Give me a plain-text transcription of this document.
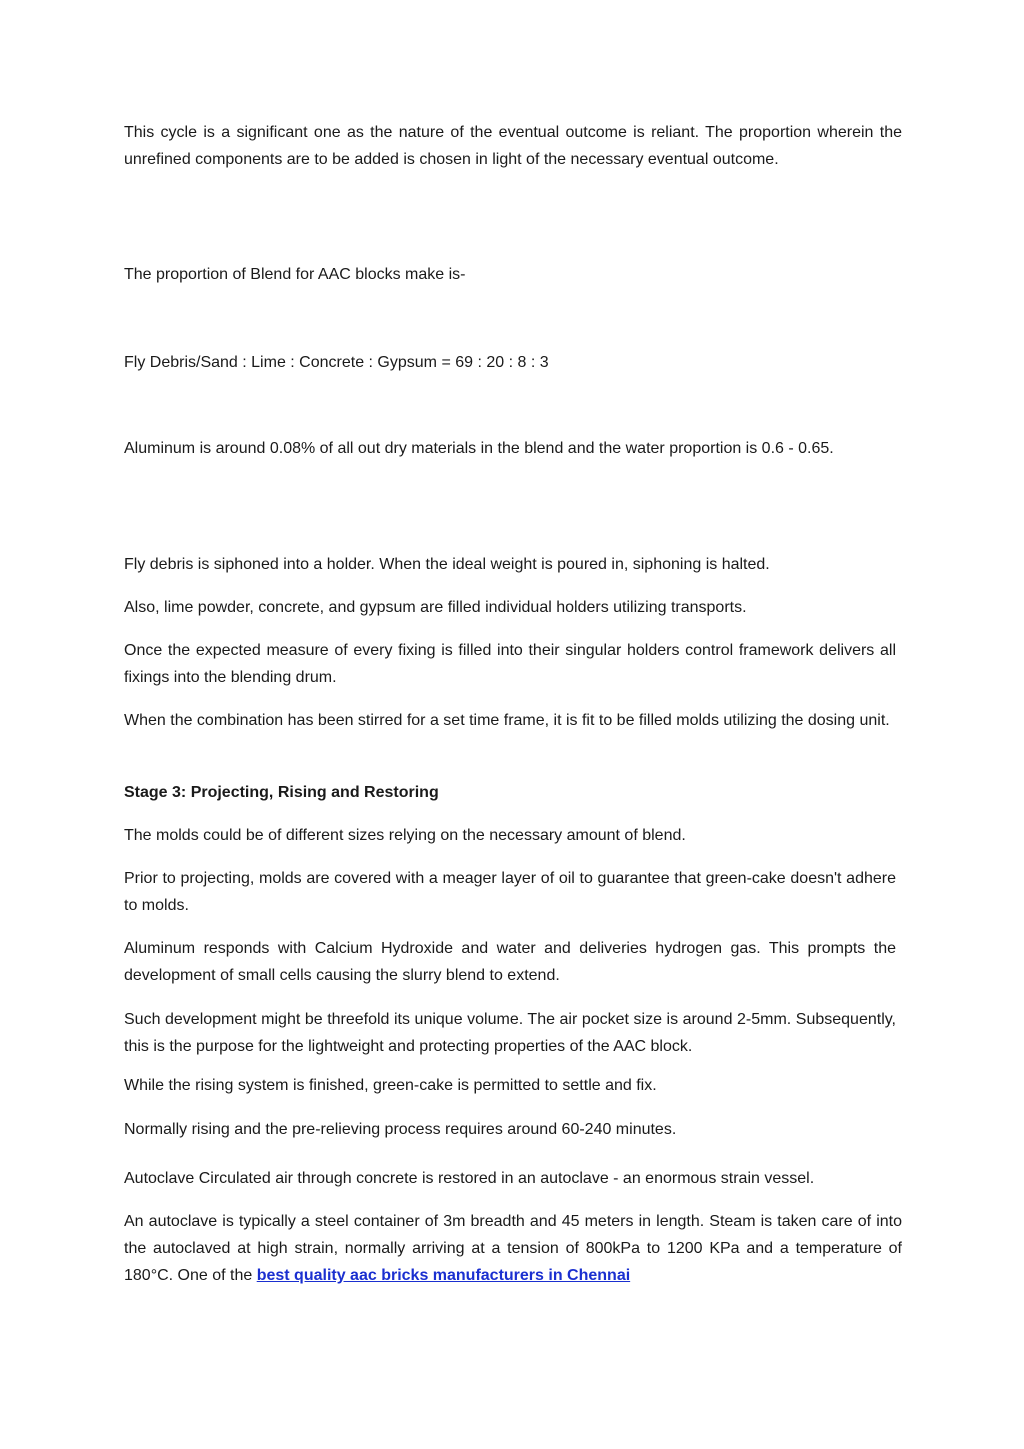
This cycle is a significant one as the nature of the eventual outcome is reliant. The proportion wherein the unrefined components are to be added is chosen in light of the necessary eventual outcome.

The proportion of Blend for AAC blocks make is-

Fly Debris/Sand : Lime : Concrete : Gypsum = 69 : 20 : 8 : 3

Aluminum is around 0.08% of all out dry materials in the blend and the water proportion is 0.6 - 0.65.

Fly debris is siphoned into a holder. When the ideal weight is poured in, siphoning is halted.

Also, lime powder, concrete, and gypsum are filled individual holders utilizing transports.

Once the expected measure of every fixing is filled into their singular holders control framework delivers all fixings into the blending drum.

When the combination has been stirred for a set time frame, it is fit to be filled molds utilizing the dosing unit.

Stage 3: Projecting, Rising and Restoring

The molds could be of different sizes relying on the necessary amount of blend.

Prior to projecting, molds are covered with a meager layer of oil to guarantee that green-cake doesn't adhere to molds.

Aluminum responds with Calcium Hydroxide and water and deliveries hydrogen gas. This prompts the development of small cells causing the slurry blend to extend.

Such development might be threefold its unique volume. The air pocket size is around 2-5mm. Subsequently, this is the purpose for the lightweight and protecting properties of the AAC block.

While the rising system is finished, green-cake is permitted to settle and fix.

Normally rising and the pre-relieving process requires around 60-240 minutes.

Autoclave Circulated air through concrete is restored in an autoclave - an enormous strain vessel.

An autoclave is typically a steel container of 3m breadth and 45 meters in length. Steam is taken care of into the autoclaved at high strain, normally arriving at a tension of 800kPa to 1200 KPa and a temperature of 180°C. One of the best quality aac bricks manufacturers in Chennai
